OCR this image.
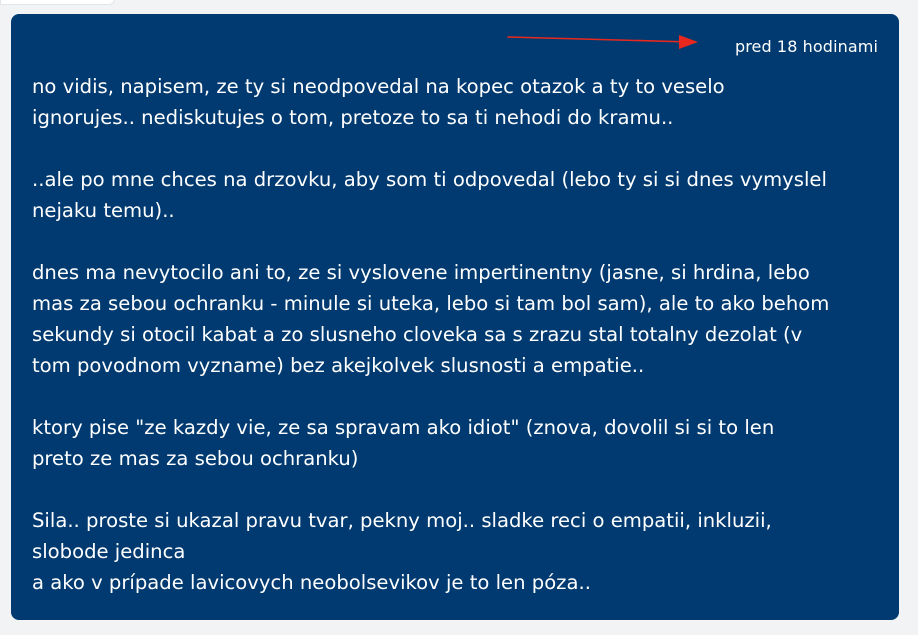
pred 18 hodinami
no vidis, napisem, ze ty si neodpovedal na kopec otazok a ty to veselo
ignorujes.. nediskutujes o tom, pretoze to sa ti nehodi do kramu..
..ale po mne chces na drzovku, aby som ti odpovedal (lebo ty si si dnes vymyslel
nejaku temu)..
dnes ma nevytocilo ani to, ze si vyslovene impertinentny (jasne, si hrdina, lebo
mas za sebou ochranku - minule si uteka, lebo si tam bol sam), ale to ako behom
sekundy si otocil kabat a zo slusneho cloveka sa s zrazu stal totalny dezolat (v
tom povodnom vyzname) bez akejkolvek slusnosti a empatie..
ktory pise "ze kazdy vie, ze sa spravam ako idiot" (znova, dovolil si si to len
preto ze mas za sebou ochranku)
Sila.. proste si ukazal pravu tvar, pekny moj.. sladke reci o empatii, inkluzii,
slobode jedinca
a ako v prípade lavicovych neobolsevikov je to len póza..
